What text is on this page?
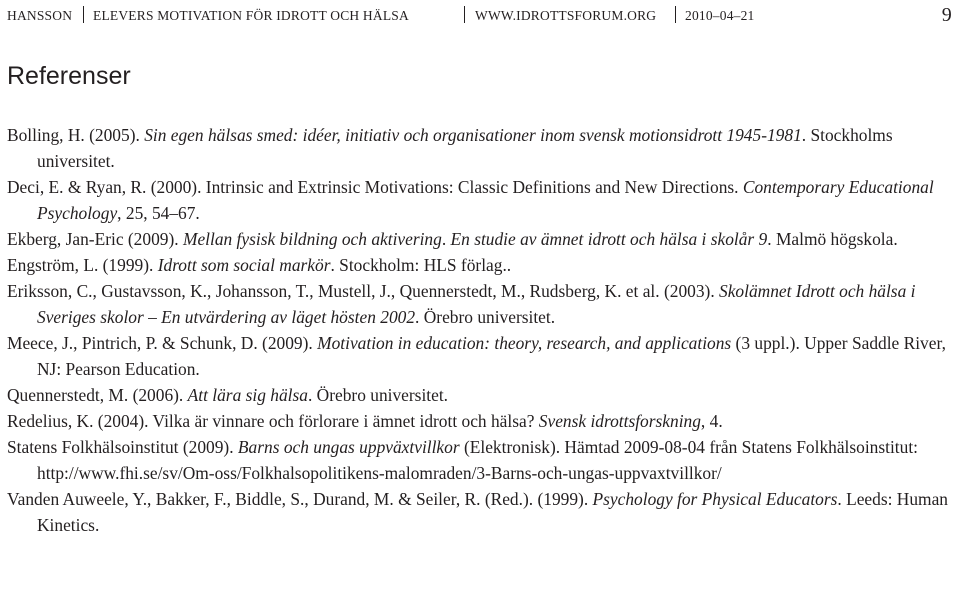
HANSSON ELEVERS MOTIVATION FÖR IDROTT OCH HÄLSA	WWW.IDROTTSFORUM.ORG 2010–04–21	9
Referenser
Bolling, H. (2005). Sin egen hälsas smed: idéer, initiativ och organisationer inom svensk motionsidrott 1945-1981. Stockholms universitet.
Deci, E. & Ryan, R. (2000). Intrinsic and Extrinsic Motivations: Classic Definitions and New Directions. Contemporary Educational Psychology, 25, 54–67.
Ekberg, Jan-Eric (2009). Mellan fysisk bildning och aktivering. En studie av ämnet idrott och hälsa i skolår 9. Malmö högskola.
Engström, L. (1999). Idrott som social markör. Stockholm: HLS förlag..
Eriksson, C., Gustavsson, K., Johansson, T., Mustell, J., Quennerstedt, M., Rudsberg, K. et al. (2003). Skolämnet Idrott och hälsa i Sveriges skolor – En utvärdering av läget hösten 2002. Örebro universitet.
Meece, J., Pintrich, P. & Schunk, D. (2009). Motivation in education: theory, research, and applications (3 uppl.). Upper Saddle River, NJ: Pearson Education.
Quennerstedt, M. (2006). Att lära sig hälsa. Örebro universitet.
Redelius, K. (2004). Vilka är vinnare och förlorare i ämnet idrott och hälsa? Svensk idrottsforskning, 4.
Statens Folkhälsoinstitut (2009). Barns och ungas uppväxtvillkor (Elektronisk). Hämtad 2009-08-04 från Statens Folkhälsoinstitut: http://www.fhi.se/sv/Om-oss/Folkhalsopolitikens-malomraden/3-Barns-och-ungas-uppvaxtvillkor/
Vanden Auweele, Y., Bakker, F., Biddle, S., Durand, M. & Seiler, R. (Red.). (1999). Psychology for Physical Educators. Leeds: Human Kinetics.
